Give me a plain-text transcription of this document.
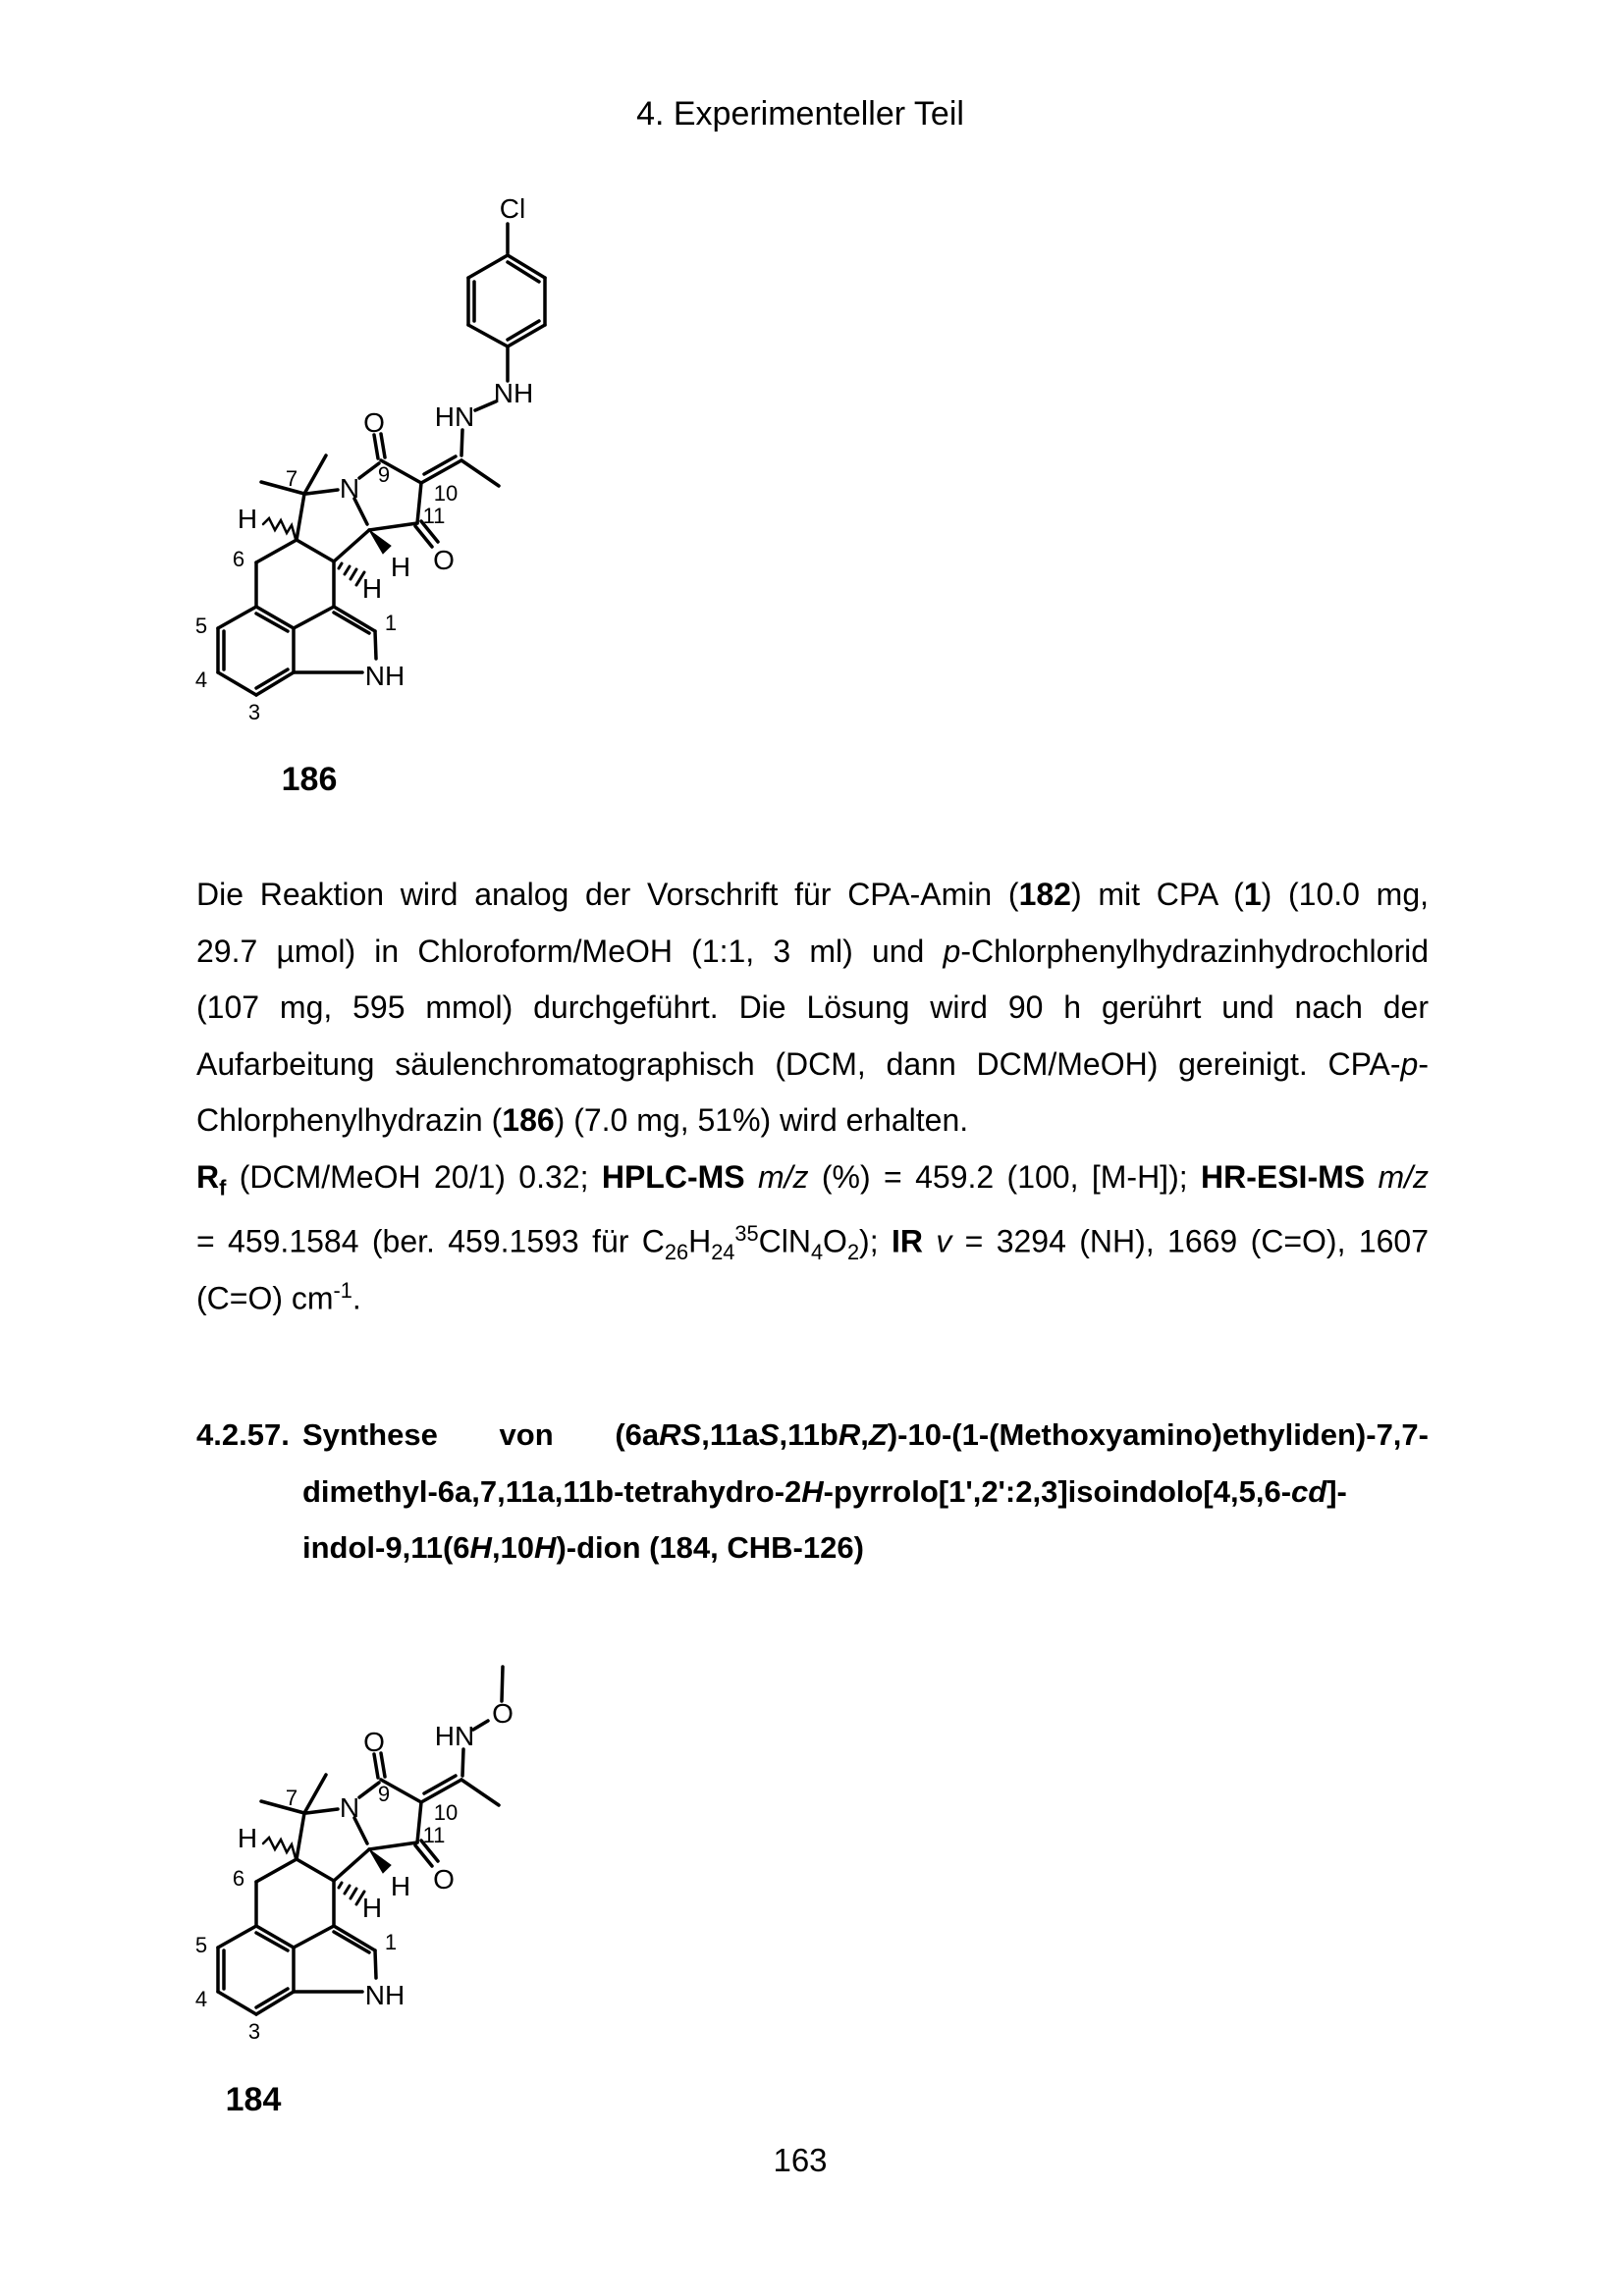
4. Experimenteller Teil
Cl
NH
HN
O
O
N
H
H
H
NH
9
10
11
7
6
5
4
3
1
186
Die Reaktion wird analog der Vorschrift für CPA-Amin (182) mit CPA (1) (10.0 mg,
29.7 µmol) in Chloroform/MeOH (1:1, 3 ml) und p-Chlorphenylhydrazinhydrochlorid
(107 mg, 595 mmol) durchgeführt. Die Lösung wird 90 h gerührt und nach der
Aufarbeitung säulenchromatographisch (DCM, dann DCM/MeOH) gereinigt. CPA-p-
Chlorphenylhydrazin (186) (7.0 mg, 51%) wird erhalten.
$R_f$ (DCM/MeOH 20/1) 0.32; HPLC-MS m/z (%) = 459.2 (100, [M-H]); HR-ESI-MS m/z
= 459.1584 (ber. 459.1593 für $C_{26}H_{24}^{35}ClN_4O_2$); IR v = 3294 (NH), 1669 (C=O), 1607
(C=O) $cm^{-1}$.
4.2.57. Synthese von (6aRS,11aS,11bR,Z)-10-(1-(Methoxyamino)ethyliden)-7,7-
dimethyl-6a,7,11a,11b-tetrahydro-2H-pyrrolo[1',2':2,3]isoindolo[4,5,6-cd]-
indol-9,11(6H,10H)-dion (184, CHB-126)
O
HN
O
O
N
H
H
H
NH
9
10
11
7
6
5
4
3
1
184
163
